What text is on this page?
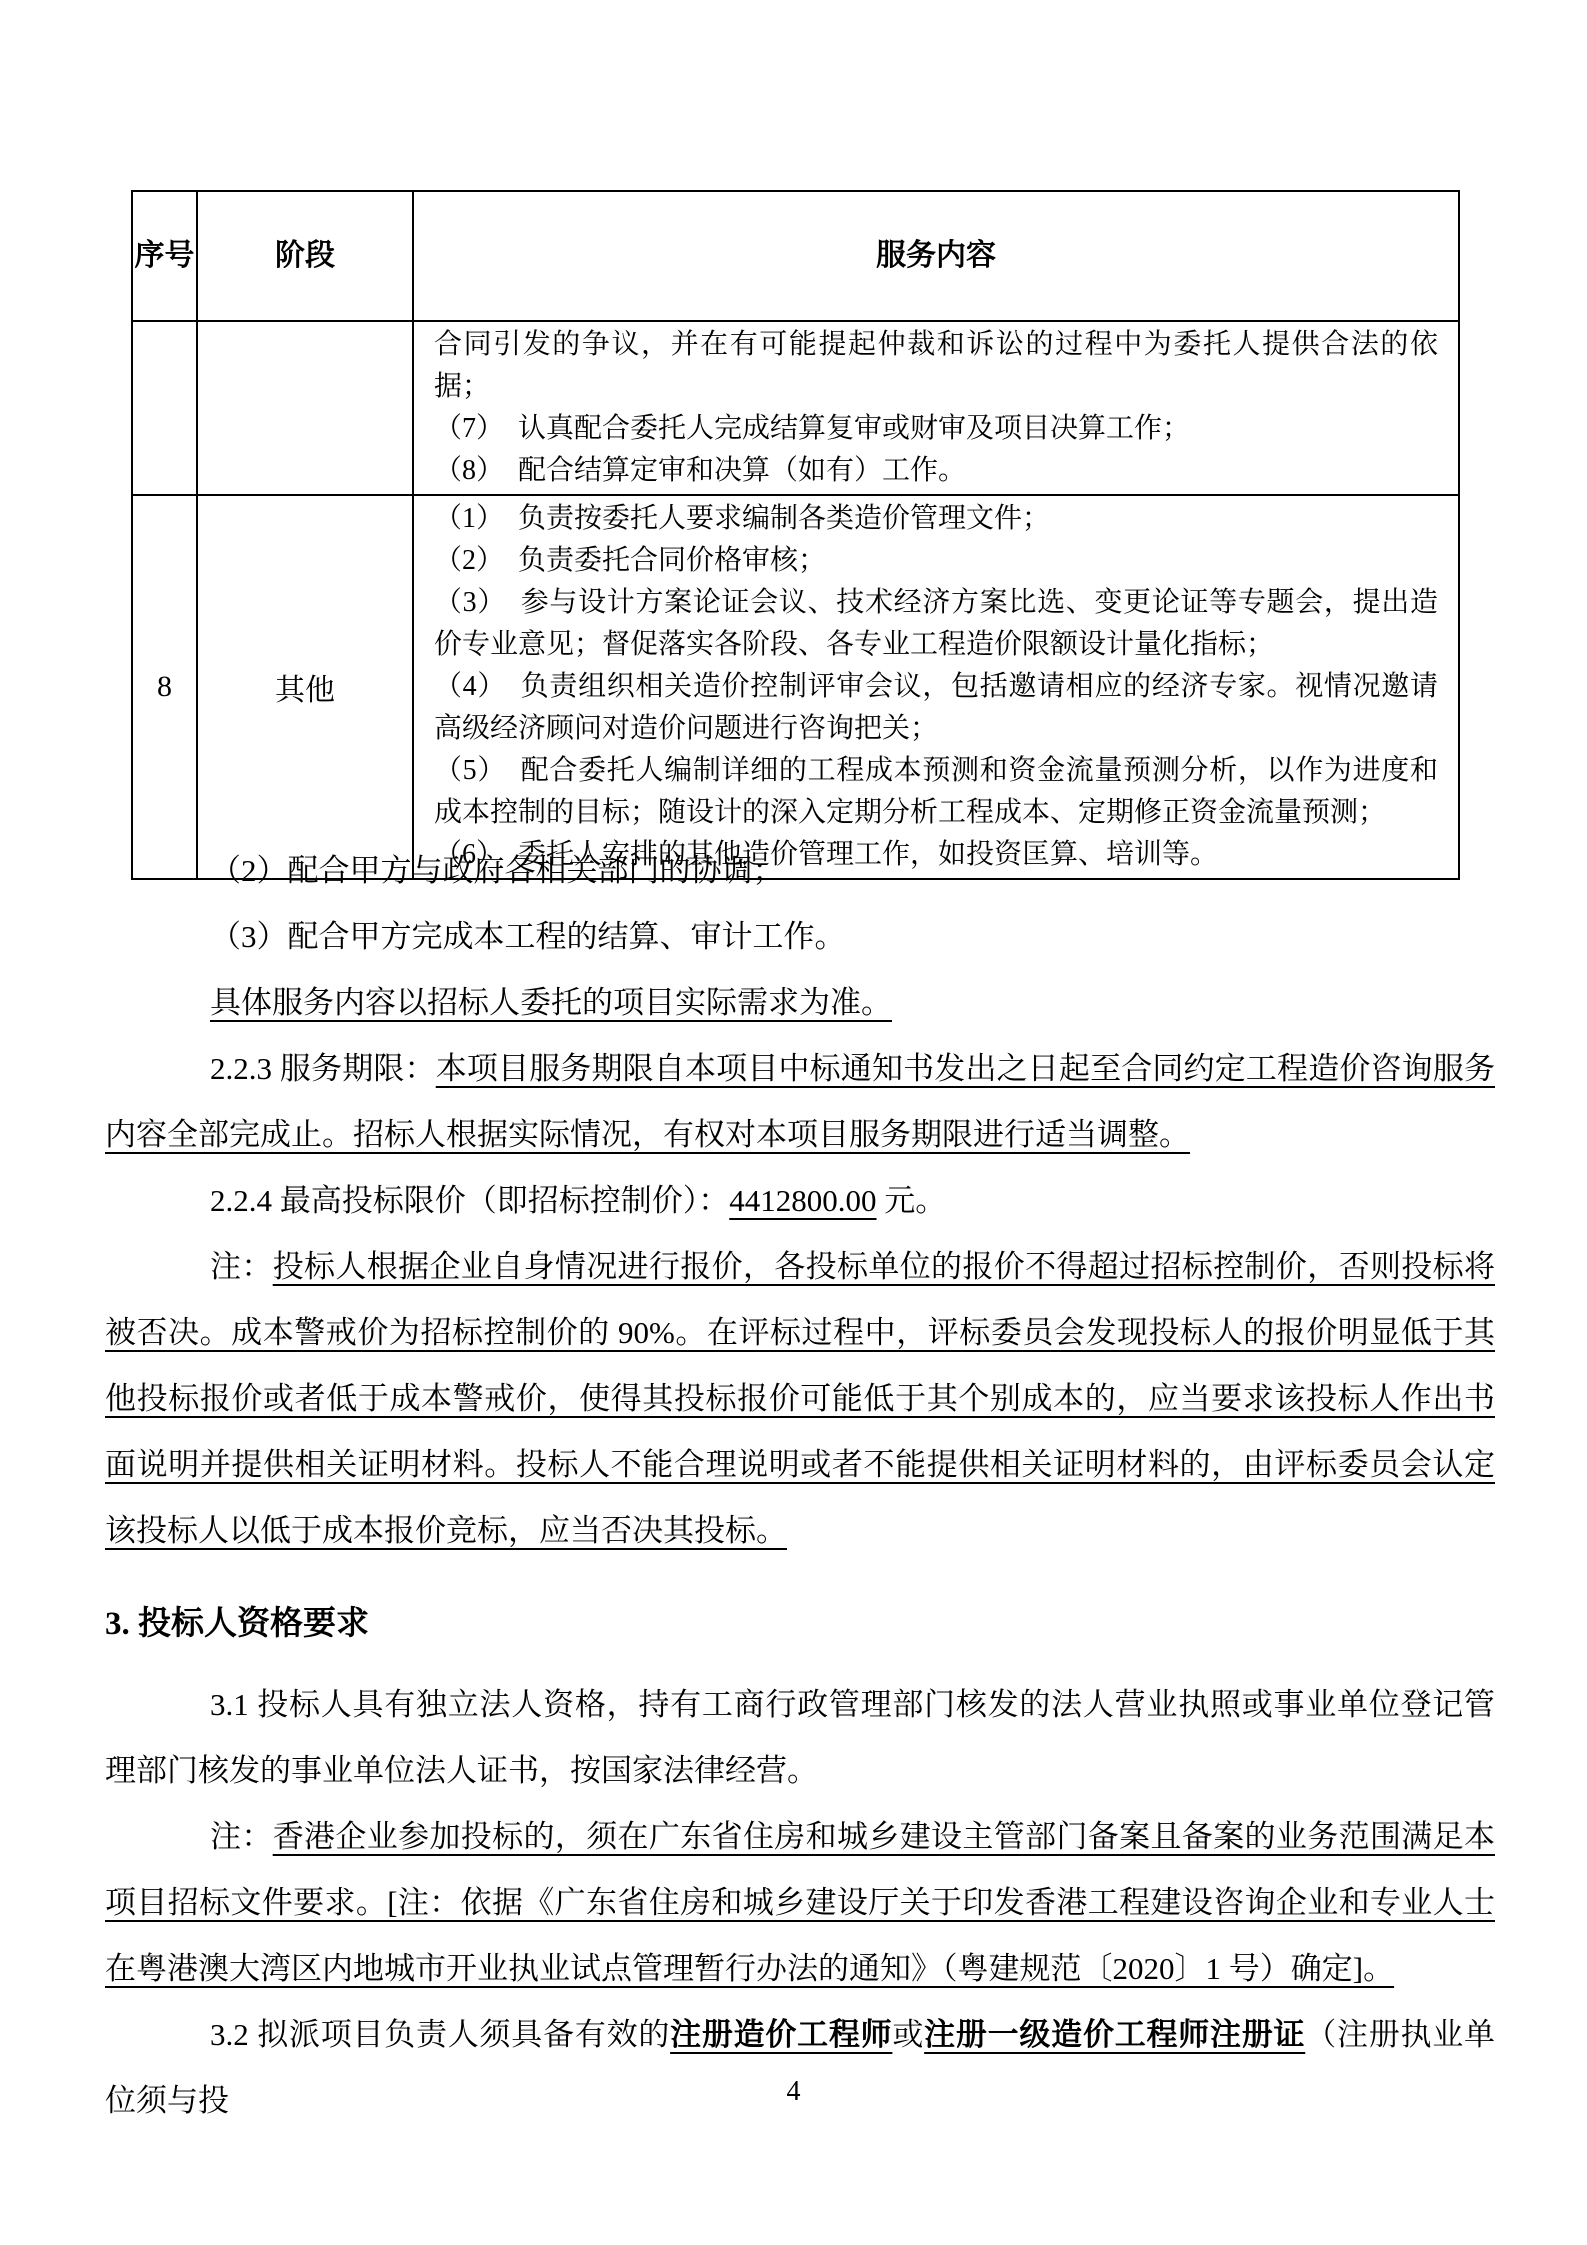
序号	阶段	服务内容

		合同引发的争议，并在有可能提起仲裁和诉讼的过程中为委托人提供合法的依据；
（7）　认真配合委托人完成结算复审或财审及项目决算工作；
（8）　配合结算定审和决算（如有）工作。

8	其他	
（1）　负责按委托人要求编制各类造价管理文件；
（2）　负责委托合同价格审核；
（3）　参与设计方案论证会议、技术经济方案比选、变更论证等专题会，提出造价专业意见；督促落实各阶段、各专业工程造价限额设计量化指标；
（4）　负责组织相关造价控制评审会议，包括邀请相应的经济专家。视情况邀请高级经济顾问对造价问题进行咨询把关；
（5）　配合委托人编制详细的工程成本预测和资金流量预测分析，以作为进度和成本控制的目标；随设计的深入定期分析工程成本、定期修正资金流量预测；
（6）　委托人安排的其他造价管理工作，如投资匡算、培训等。
（2）配合甲方与政府各相关部门的协调；
（3）配合甲方完成本工程的结算、审计工作。
具体服务内容以招标人委托的项目实际需求为准。
2.2.3 服务期限：本项目服务期限自本项目中标通知书发出之日起至合同约定工程造价咨询服务内容全部完成止。招标人根据实际情况，有权对本项目服务期限进行适当调整。
2.2.4 最高投标限价（即招标控制价）：4412800.00 元。
注：投标人根据企业自身情况进行报价，各投标单位的报价不得超过招标控制价，否则投标将被否决。成本警戒价为招标控制价的 90%。在评标过程中，评标委员会发现投标人的报价明显低于其他投标报价或者低于成本警戒价，使得其投标报价可能低于其个别成本的，应当要求该投标人作出书面说明并提供相关证明材料。投标人不能合理说明或者不能提供相关证明材料的，由评标委员会认定该投标人以低于成本报价竞标，应当否决其投标。
3. 投标人资格要求
3.1 投标人具有独立法人资格，持有工商行政管理部门核发的法人营业执照或事业单位登记管理部门核发的事业单位法人证书，按国家法律经营。
注：香港企业参加投标的，须在广东省住房和城乡建设主管部门备案且备案的业务范围满足本项目招标文件要求。[注：依据《广东省住房和城乡建设厅关于印发香港工程建设咨询企业和专业人士在粤港澳大湾区内地城市开业执业试点管理暂行办法的通知》（粤建规范〔2020〕1 号）确定]。
3.2 拟派项目负责人须具备有效的注册造价工程师或注册一级造价工程师注册证（注册执业单位须与投	4
